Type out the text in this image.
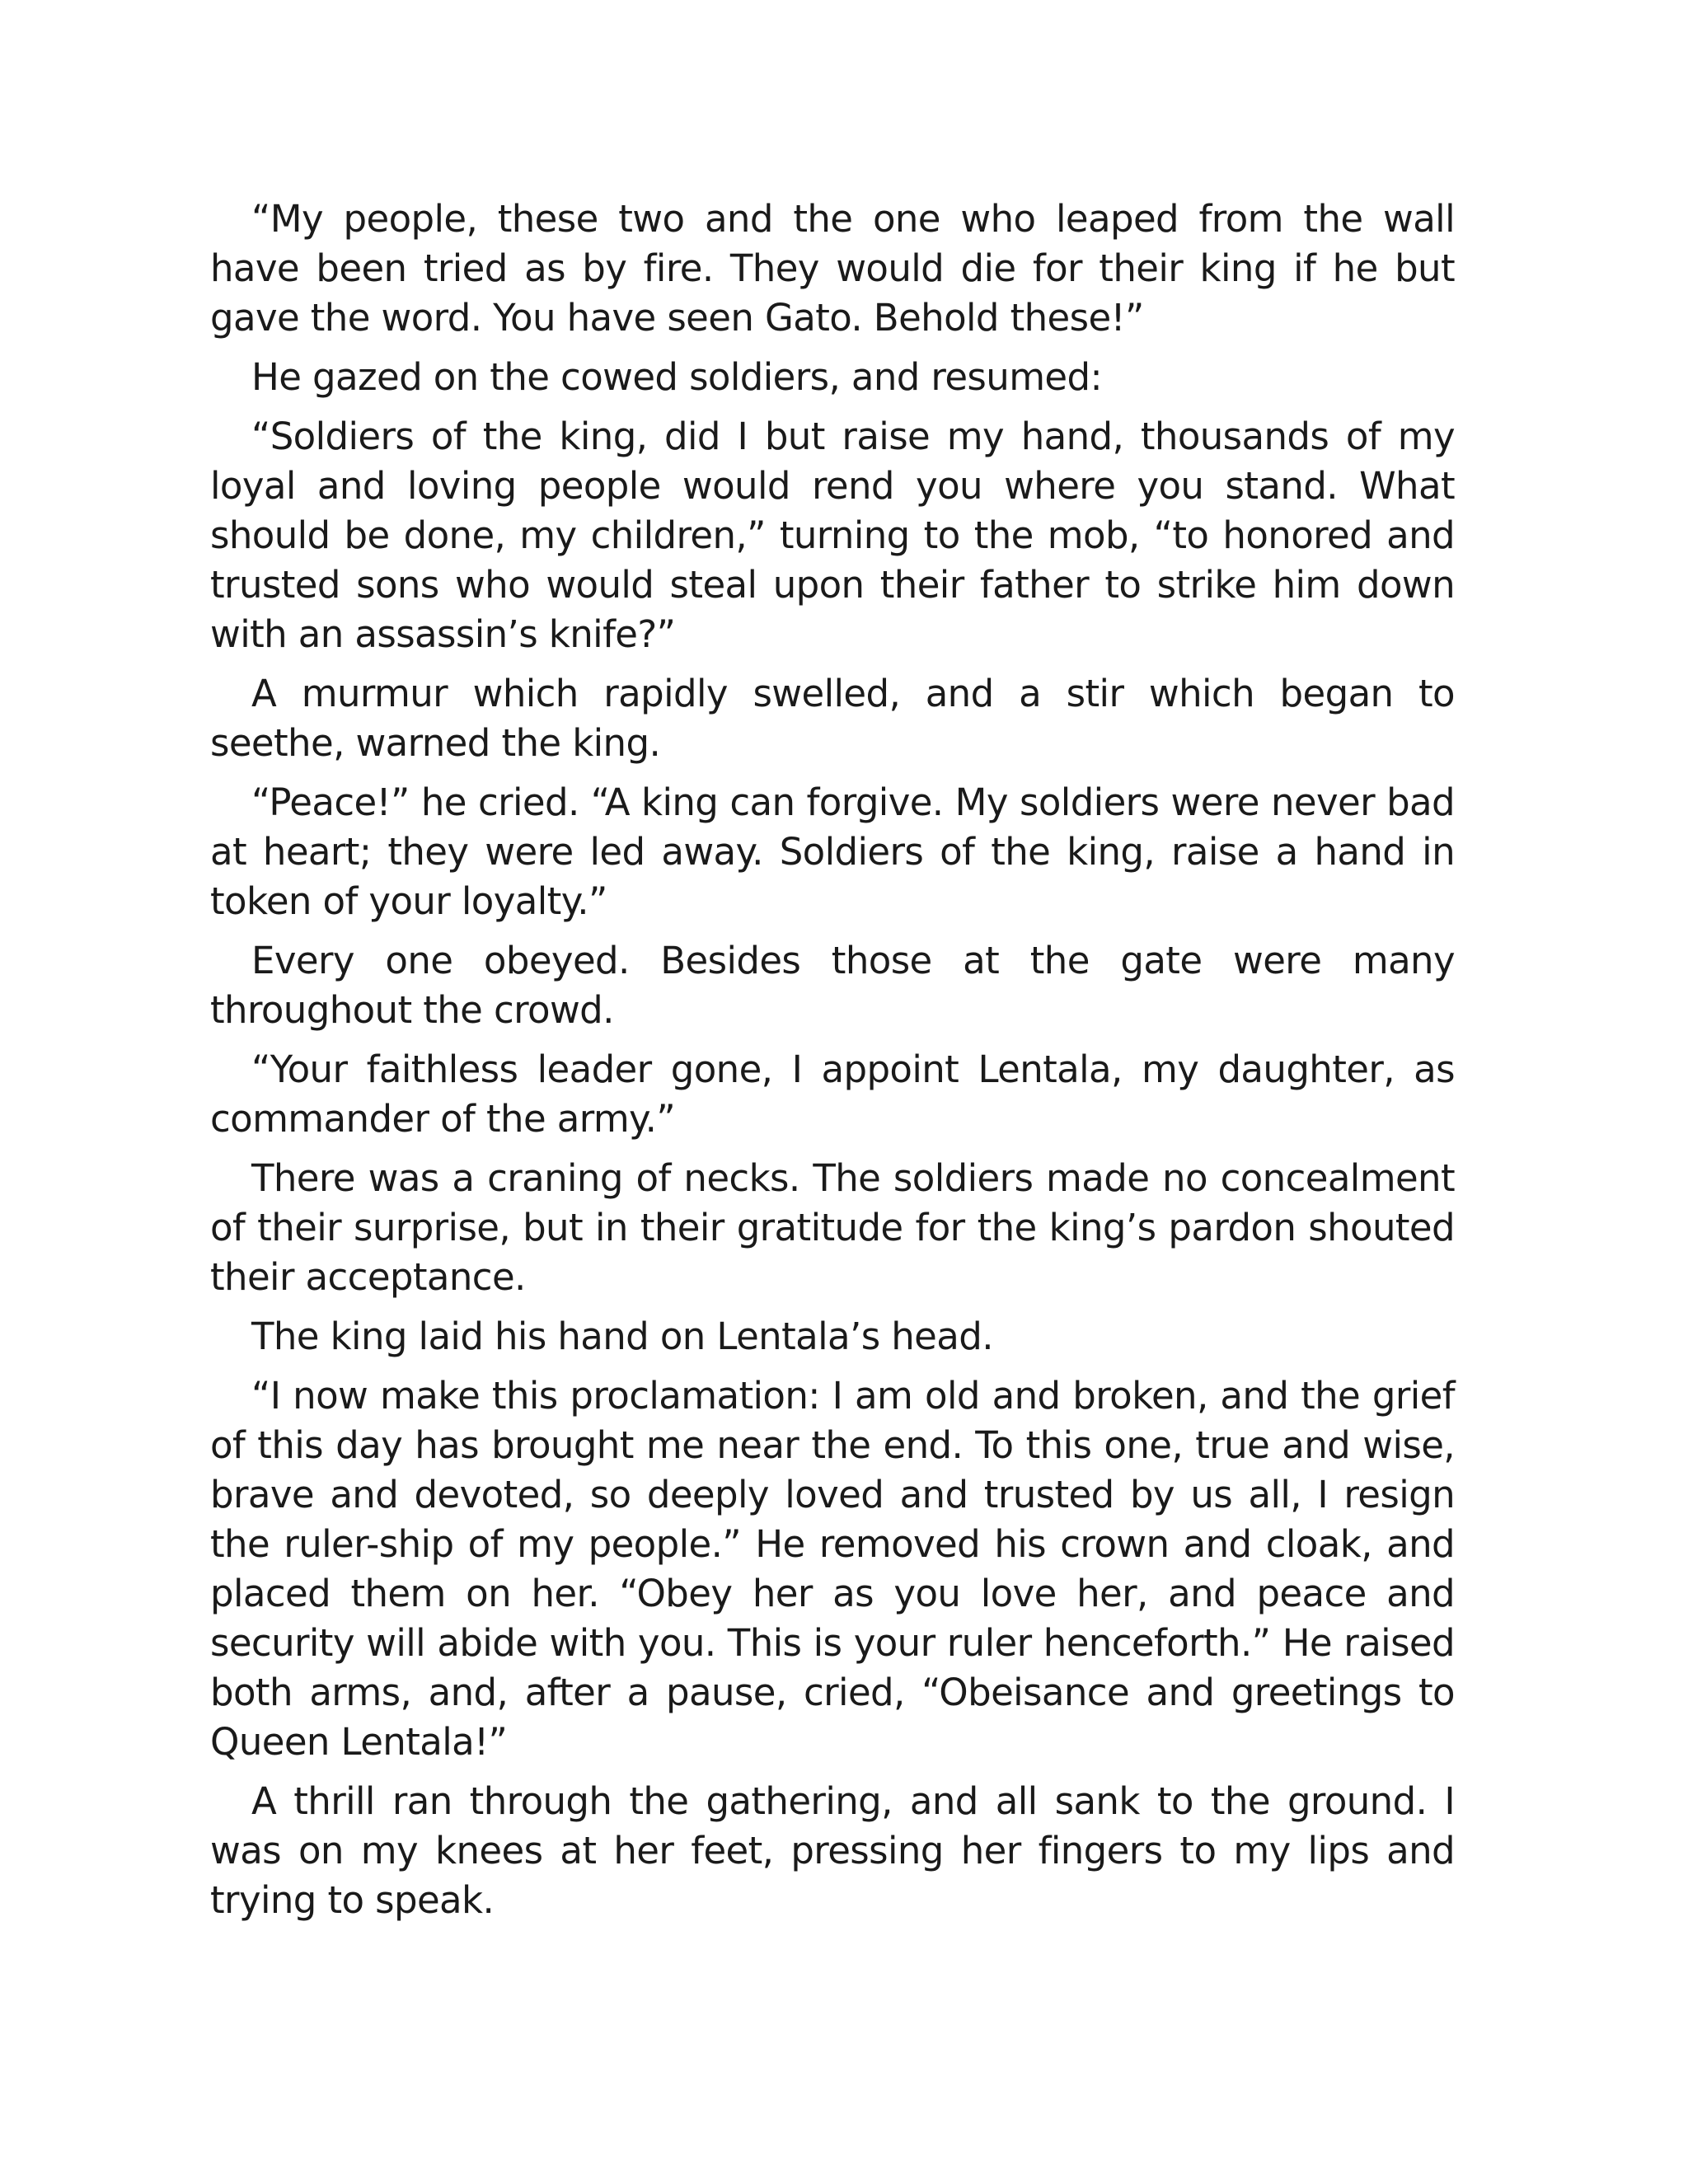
“My people, these two and the one who leaped from the wall have been tried as by fire. They would die for their king if he but gave the word. You have seen Gato. Behold these!”

He gazed on the cowed soldiers, and resumed:

“Soldiers of the king, did I but raise my hand, thousands of my loyal and loving people would rend you where you stand. What should be done, my children,” turning to the mob, “to honored and trusted sons who would steal upon their father to strike him down with an assassin’s knife?”

A murmur which rapidly swelled, and a stir which began to seethe, warned the king.

“Peace!” he cried. “A king can forgive. My soldiers were never bad at heart; they were led away. Soldiers of the king, raise a hand in token of your loyalty.”

Every one obeyed. Besides those at the gate were many throughout the crowd.

“Your faithless leader gone, I appoint Lentala, my daughter, as commander of the army.”

There was a craning of necks. The soldiers made no concealment of their surprise, but in their gratitude for the king’s pardon shouted their acceptance.

The king laid his hand on Lentala’s head.

“I now make this proclamation: I am old and broken, and the grief of this day has brought me near the end. To this one, true and wise, brave and devoted, so deeply loved and trusted by us all, I resign the ruler-ship of my people.” He removed his crown and cloak, and placed them on her. “Obey her as you love her, and peace and security will abide with you. This is your ruler henceforth.” He raised both arms, and, after a pause, cried, “Obeisance and greetings to Queen Lentala!”

A thrill ran through the gathering, and all sank to the ground. I was on my knees at her feet, pressing her fingers to my lips and trying to speak.
